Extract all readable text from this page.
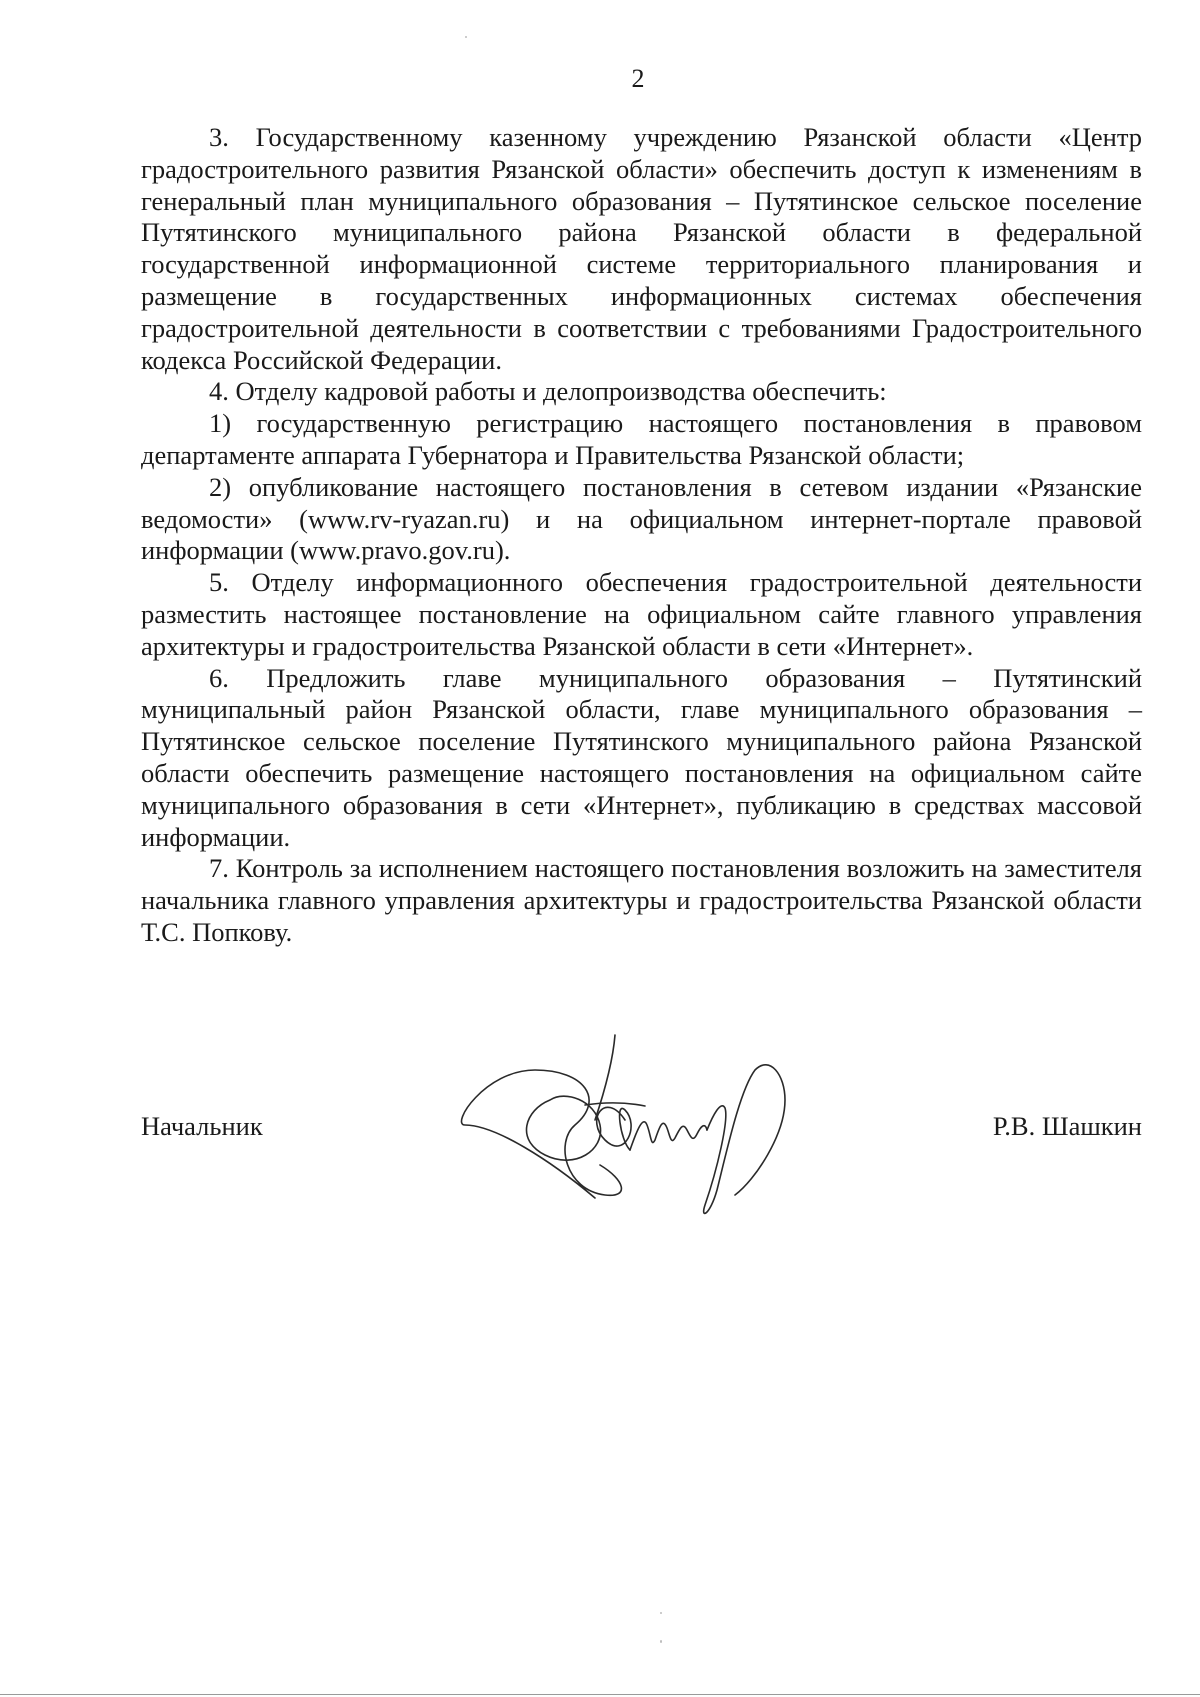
2

3. Государственному казенному учреждению Рязанской области «Центр градостроительного развития Рязанской области» обеспечить доступ к изменениям в генеральный план муниципального образования – Путятинское сельское поселение Путятинского муниципального района Рязанской области в федеральной государственной информационной системе территориального планирования и размещение в государственных информационных системах обеспечения градостроительной деятельности в соответствии с требованиями Градостроительного кодекса Российской Федерации.

4. Отделу кадровой работы и делопроизводства обеспечить:

1) государственную регистрацию настоящего постановления в правовом департаменте аппарата Губернатора и Правительства Рязанской области;

2) опубликование настоящего постановления в сетевом издании «Рязанские ведомости» (www.rv-ryazan.ru) и на официальном интернет-портале правовой информации (www.pravo.gov.ru).

5. Отделу информационного обеспечения градостроительной деятельности разместить настоящее постановление на официальном сайте главного управления архитектуры и градостроительства Рязанской области в сети «Интернет».

6. Предложить главе муниципального образования – Путятинский муниципальный район Рязанской области, главе муниципального образования – Путятинское сельское поселение Путятинского муниципального района Рязанской области обеспечить размещение настоящего постановления на официальном сайте муниципального образования в сети «Интернет», публикацию в средствах массовой информации.

7. Контроль за исполнением настоящего постановления возложить на заместителя начальника главного управления архитектуры и градостроительства Рязанской области Т.С. Попкову.

Начальник	Р.В. Шашкин
